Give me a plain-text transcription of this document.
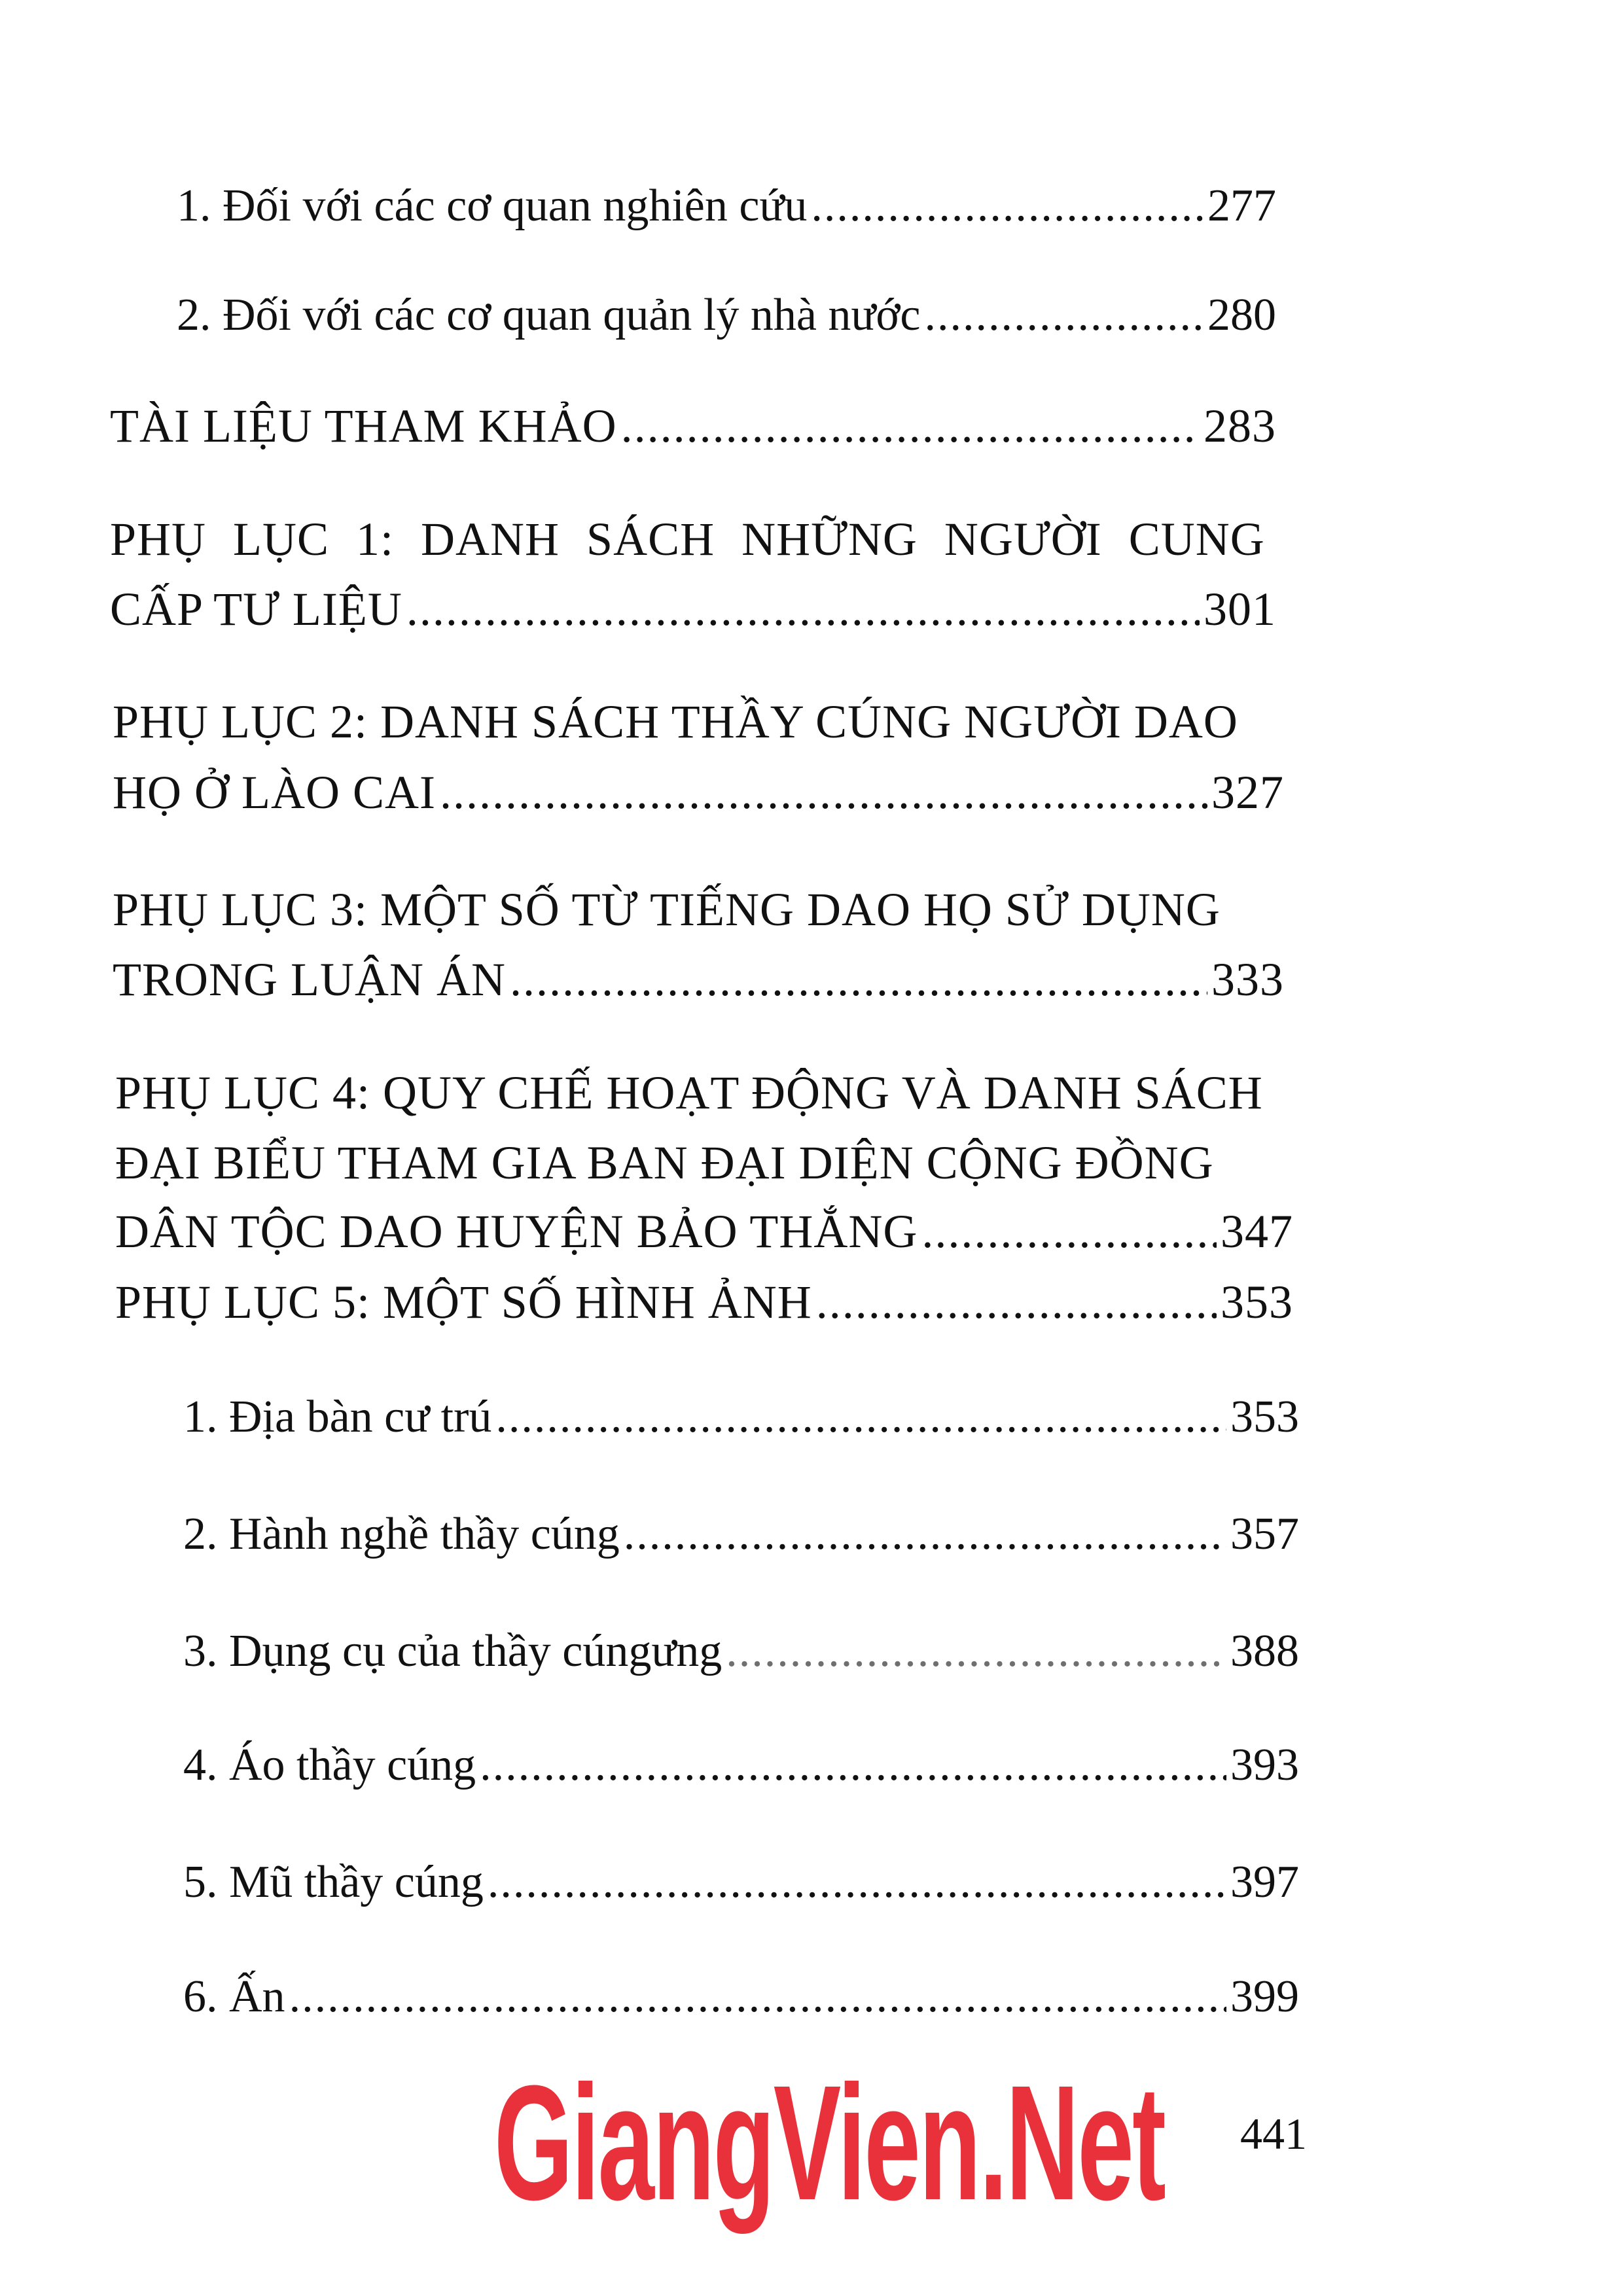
1. Đối với các cơ quan nghiên cứu .....	277
2. Đối với các cơ quan quản lý nhà nước .....	280
TÀI LIỆU THAM KHẢO .....	283
PHỤ LỤC 1: DANH SÁCH NHỮNG NGƯỜI CUNG
CẤP TƯ LIỆU .....	301
PHỤ LỤC 2: DANH SÁCH THẦY CÚNG NGƯỜI DAO
HỌ Ở LÀO CAI .....	327
PHỤ LỤC 3: MỘT SỐ TỪ TIẾNG DAO HỌ SỬ DỤNG
TRONG LUẬN ÁN .....	333
PHỤ LỤC 4: QUY CHẾ HOẠT ĐỘNG VÀ DANH SÁCH
ĐẠI BIỂU THAM GIA BAN ĐẠI DIỆN CỘNG ĐỒNG
DÂN TỘC DAO HUYỆN BẢO THẮNG .....	347
PHỤ LỤC 5: MỘT SỐ HÌNH ẢNH .....	353
1. Địa bàn cư trú .....	353
2. Hành nghề thầy cúng .....	357
3. Dụng cụ của thầy cúngưng .....	388
4. Áo thầy cúng .....	393
5. Mũ thầy cúng .....	397
6. Ấn .....	399
GiangVien.Net 441
